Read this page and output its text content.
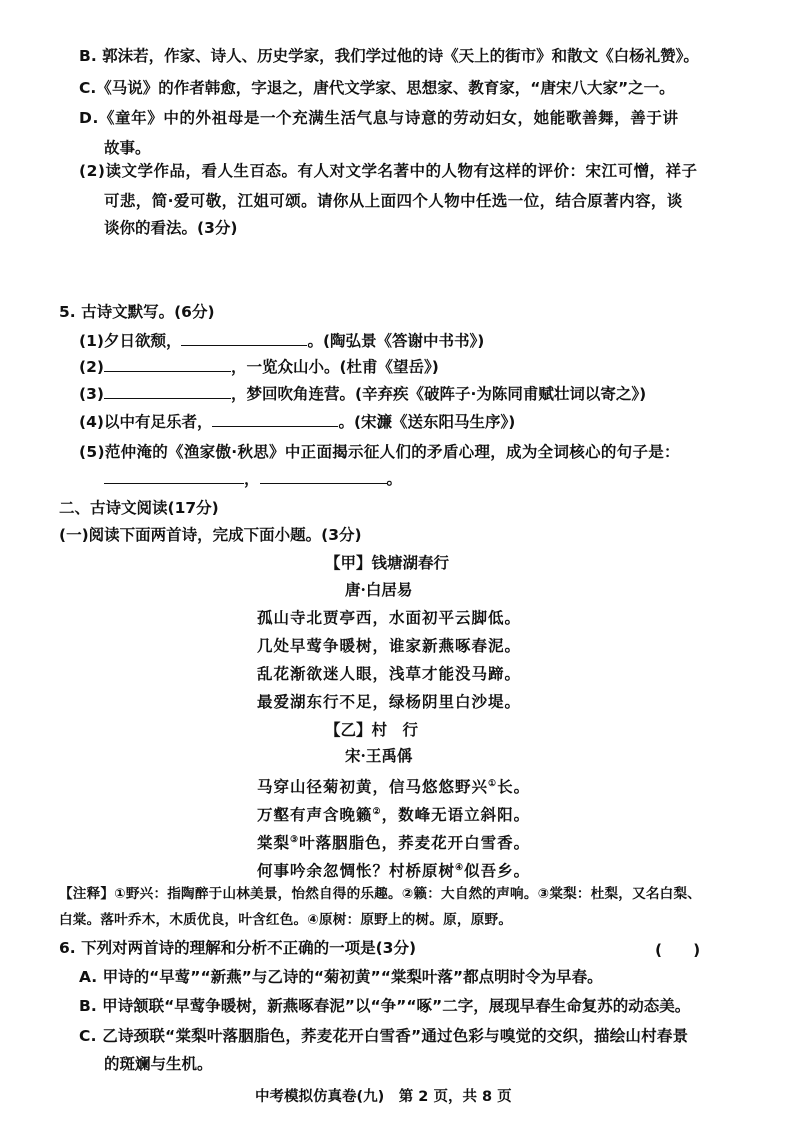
B. 郭沫若，作家、诗人、历史学家，我们学过他的诗《天上的街市》和散文《白杨礼赞》。
C.《马说》的作者韩愈，字退之，唐代文学家、思想家、教育家，“唐宋八大家”之一。
D.《童年》中的外祖母是一个充满生活气息与诗意的劳动妇女，她能歌善舞，善于讲
故事。
(2)读文学作品，看人生百态。有人对文学名著中的人物有这样的评价：宋江可憎，祥子
可悲，简·爱可敬，江姐可颂。请你从上面四个人物中任选一位，结合原著内容，谈
谈你的看法。(3分)
5. 古诗文默写。(6分)
(1)夕日欲颓，	。(陶弘景《答谢中书书》)
(2)	，一览众山小。(杜甫《望岳》)
(3)	，梦回吹角连营。(辛弃疾《破阵子·为陈同甫赋壮词以寄之》)
(4)以中有足乐者，	。(宋濂《送东阳马生序》)
(5)范仲淹的《渔家傲·秋思》中正面揭示征人们的矛盾心理，成为全词核心的句子是：
，	。
二、古诗文阅读(17分)
(一)阅读下面两首诗，完成下面小题。(3分)
【甲】钱塘湖春行
唐·白居易
孤山寺北贾亭西，水面初平云脚低。
几处早莺争暖树，谁家新燕啄春泥。
乱花渐欲迷人眼，浅草才能没马蹄。
最爱湖东行不足，绿杨阴里白沙堤。
【乙】村　行
宋·王禹偁
马穿山径菊初黄，信马悠悠野兴①长。
万壑有声含晚籁②，数峰无语立斜阳。
棠梨③叶落胭脂色，荞麦花开白雪香。
何事吟余忽惆怅？村桥原树④似吾乡。
【注释】①野兴：指陶醉于山林美景，怡然自得的乐趣。②籁：大自然的声响。③棠梨：杜梨，又名白梨、
白棠。落叶乔木，木质优良，叶含红色。④原树：原野上的树。原，原野。
6. 下列对两首诗的理解和分析不正确的一项是(3分)	(　　)
A. 甲诗的“早莺”“新燕”与乙诗的“菊初黄”“棠梨叶落”都点明时令为早春。
B. 甲诗颔联“早莺争暖树，新燕啄春泥”以“争”“啄”二字，展现早春生命复苏的动态美。
C. 乙诗颈联“棠梨叶落胭脂色，荞麦花开白雪香”通过色彩与嗅觉的交织，描绘山村春景
的斑斓与生机。
中考模拟仿真卷(九)　第 2 页，共 8 页
